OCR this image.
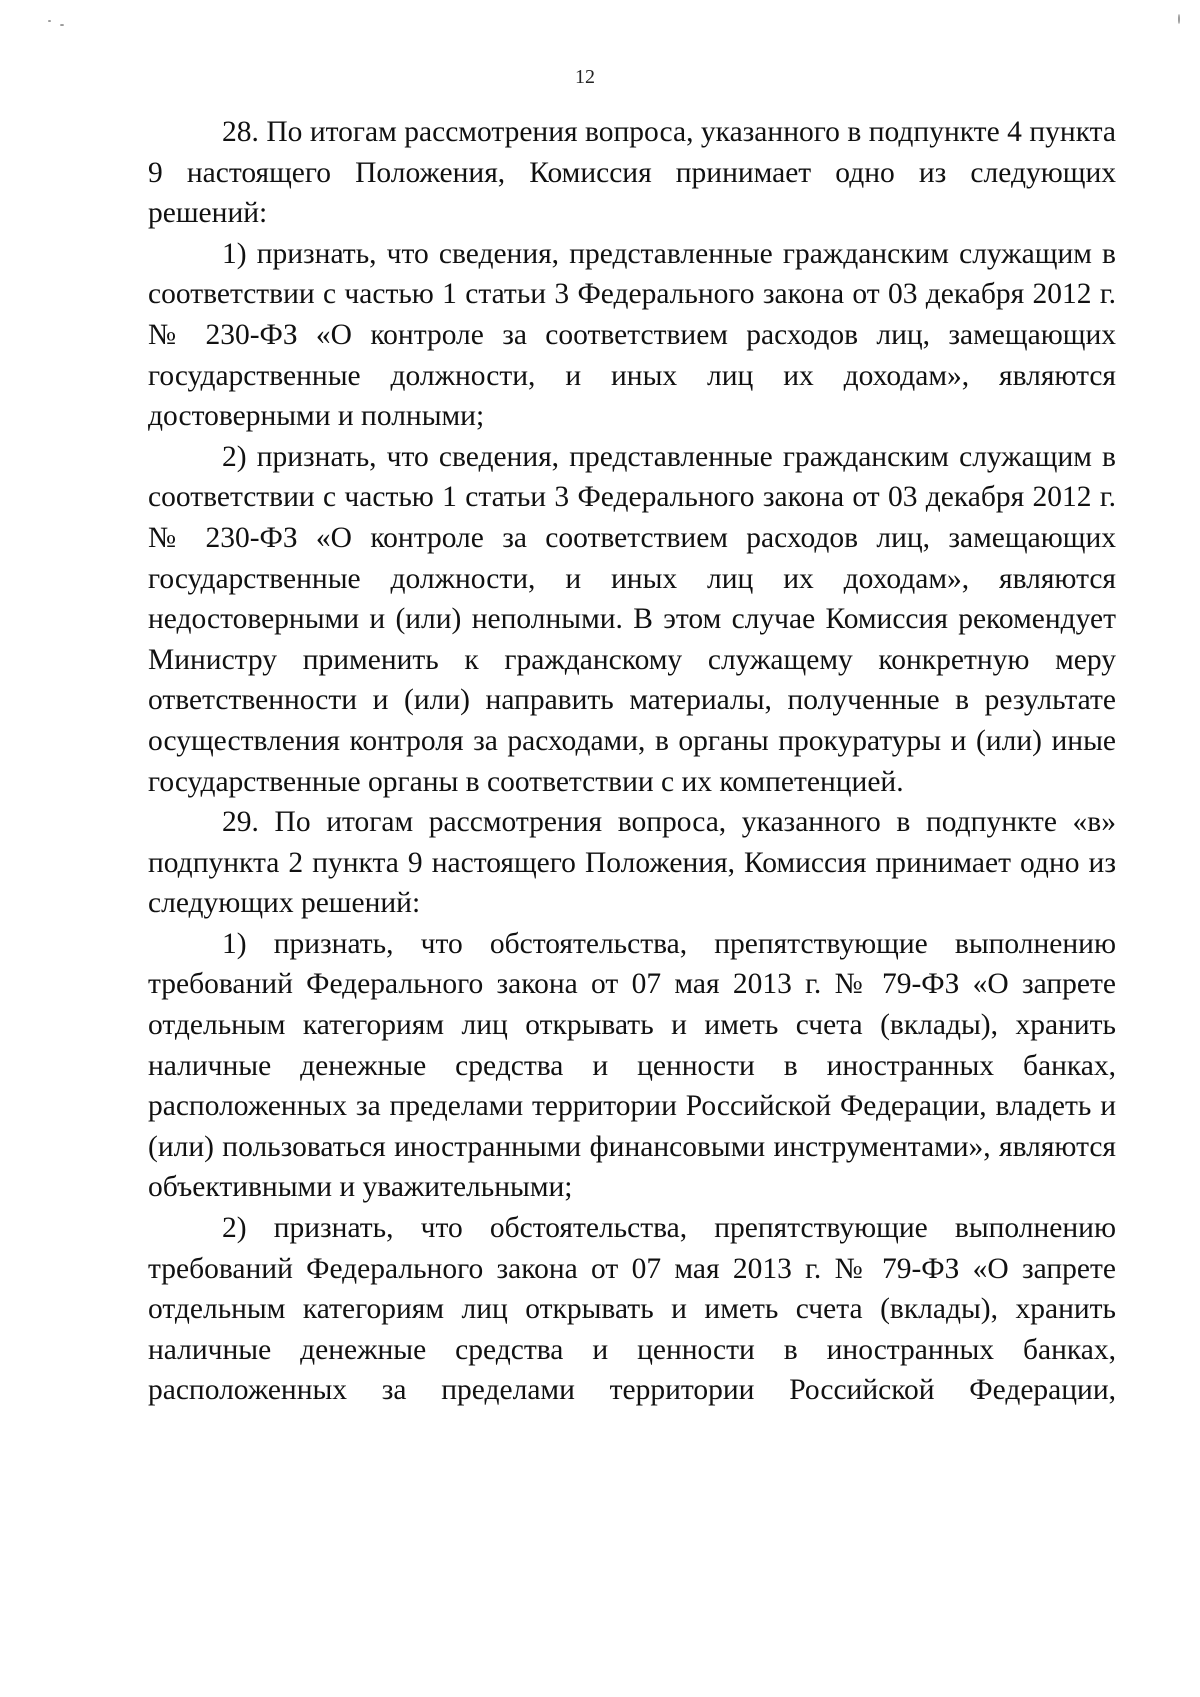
12

28. По итогам рассмотрения вопроса, указанного в подпункте 4 пункта 9 настоящего Положения, Комиссия принимает одно из следующих решений:

1) признать, что сведения, представленные гражданским служащим в соответствии с частью 1 статьи 3 Федерального закона от 03 декабря 2012 г. № 230-ФЗ «О контроле за соответствием расходов лиц, замещающих государственные должности, и иных лиц их доходам», являются достоверными и полными;

2) признать, что сведения, представленные гражданским служащим в соответствии с частью 1 статьи 3 Федерального закона от 03 декабря 2012 г. № 230-ФЗ «О контроле за соответствием расходов лиц, замещающих государственные должности, и иных лиц их доходам», являются недостоверными и (или) неполными. В этом случае Комиссия рекомендует Министру применить к гражданскому служащему конкретную меру ответственности и (или) направить материалы, полученные в результате осуществления контроля за расходами, в органы прокуратуры и (или) иные государственные органы в соответствии с их компетенцией.

29. По итогам рассмотрения вопроса, указанного в подпункте «в» подпункта 2 пункта 9 настоящего Положения, Комиссия принимает одно из следующих решений:

1) признать, что обстоятельства, препятствующие выполнению требований Федерального закона от 07 мая 2013 г. № 79-ФЗ «О запрете отдельным категориям лиц открывать и иметь счета (вклады), хранить наличные денежные средства и ценности в иностранных банках, расположенных за пределами территории Российской Федерации, владеть и (или) пользоваться иностранными финансовыми инструментами», являются объективными и уважительными;

2) признать, что обстоятельства, препятствующие выполнению требований Федерального закона от 07 мая 2013 г. № 79-ФЗ «О запрете отдельным категориям лиц открывать и иметь счета (вклады), хранить наличные денежные средства и ценности в иностранных банках, расположенных за пределами территории Российской Федерации,
